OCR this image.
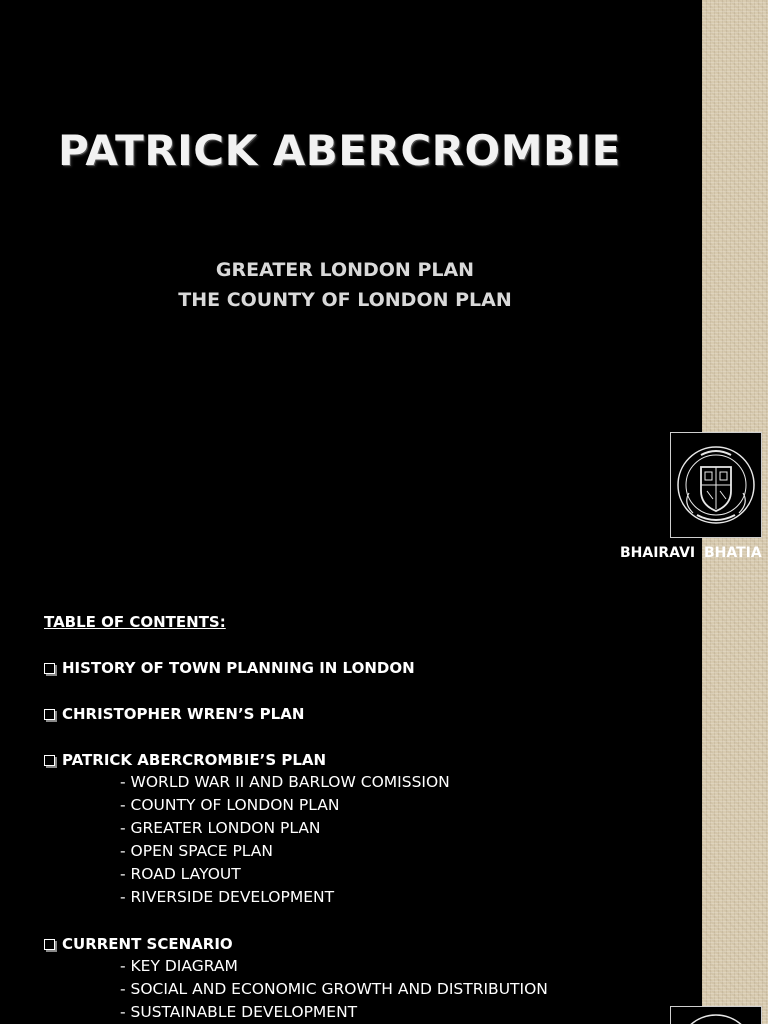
PATRICK ABERCROMBIE
GREATER LONDON PLAN
THE COUNTY OF LONDON PLAN
BHAIRAVI BHATIA
TABLE OF CONTENTS:
HISTORY OF TOWN PLANNING IN LONDON
CHRISTOPHER WREN’S PLAN
PATRICK ABERCROMBIE’S PLAN
- WORLD WAR II AND BARLOW COMISSION
- COUNTY OF LONDON PLAN
- GREATER LONDON PLAN
- OPEN SPACE PLAN
- ROAD LAYOUT
- RIVERSIDE DEVELOPMENT
CURRENT SCENARIO
- KEY DIAGRAM
- SOCIAL AND ECONOMIC GROWTH AND DISTRIBUTION
- SUSTAINABLE DEVELOPMENT
